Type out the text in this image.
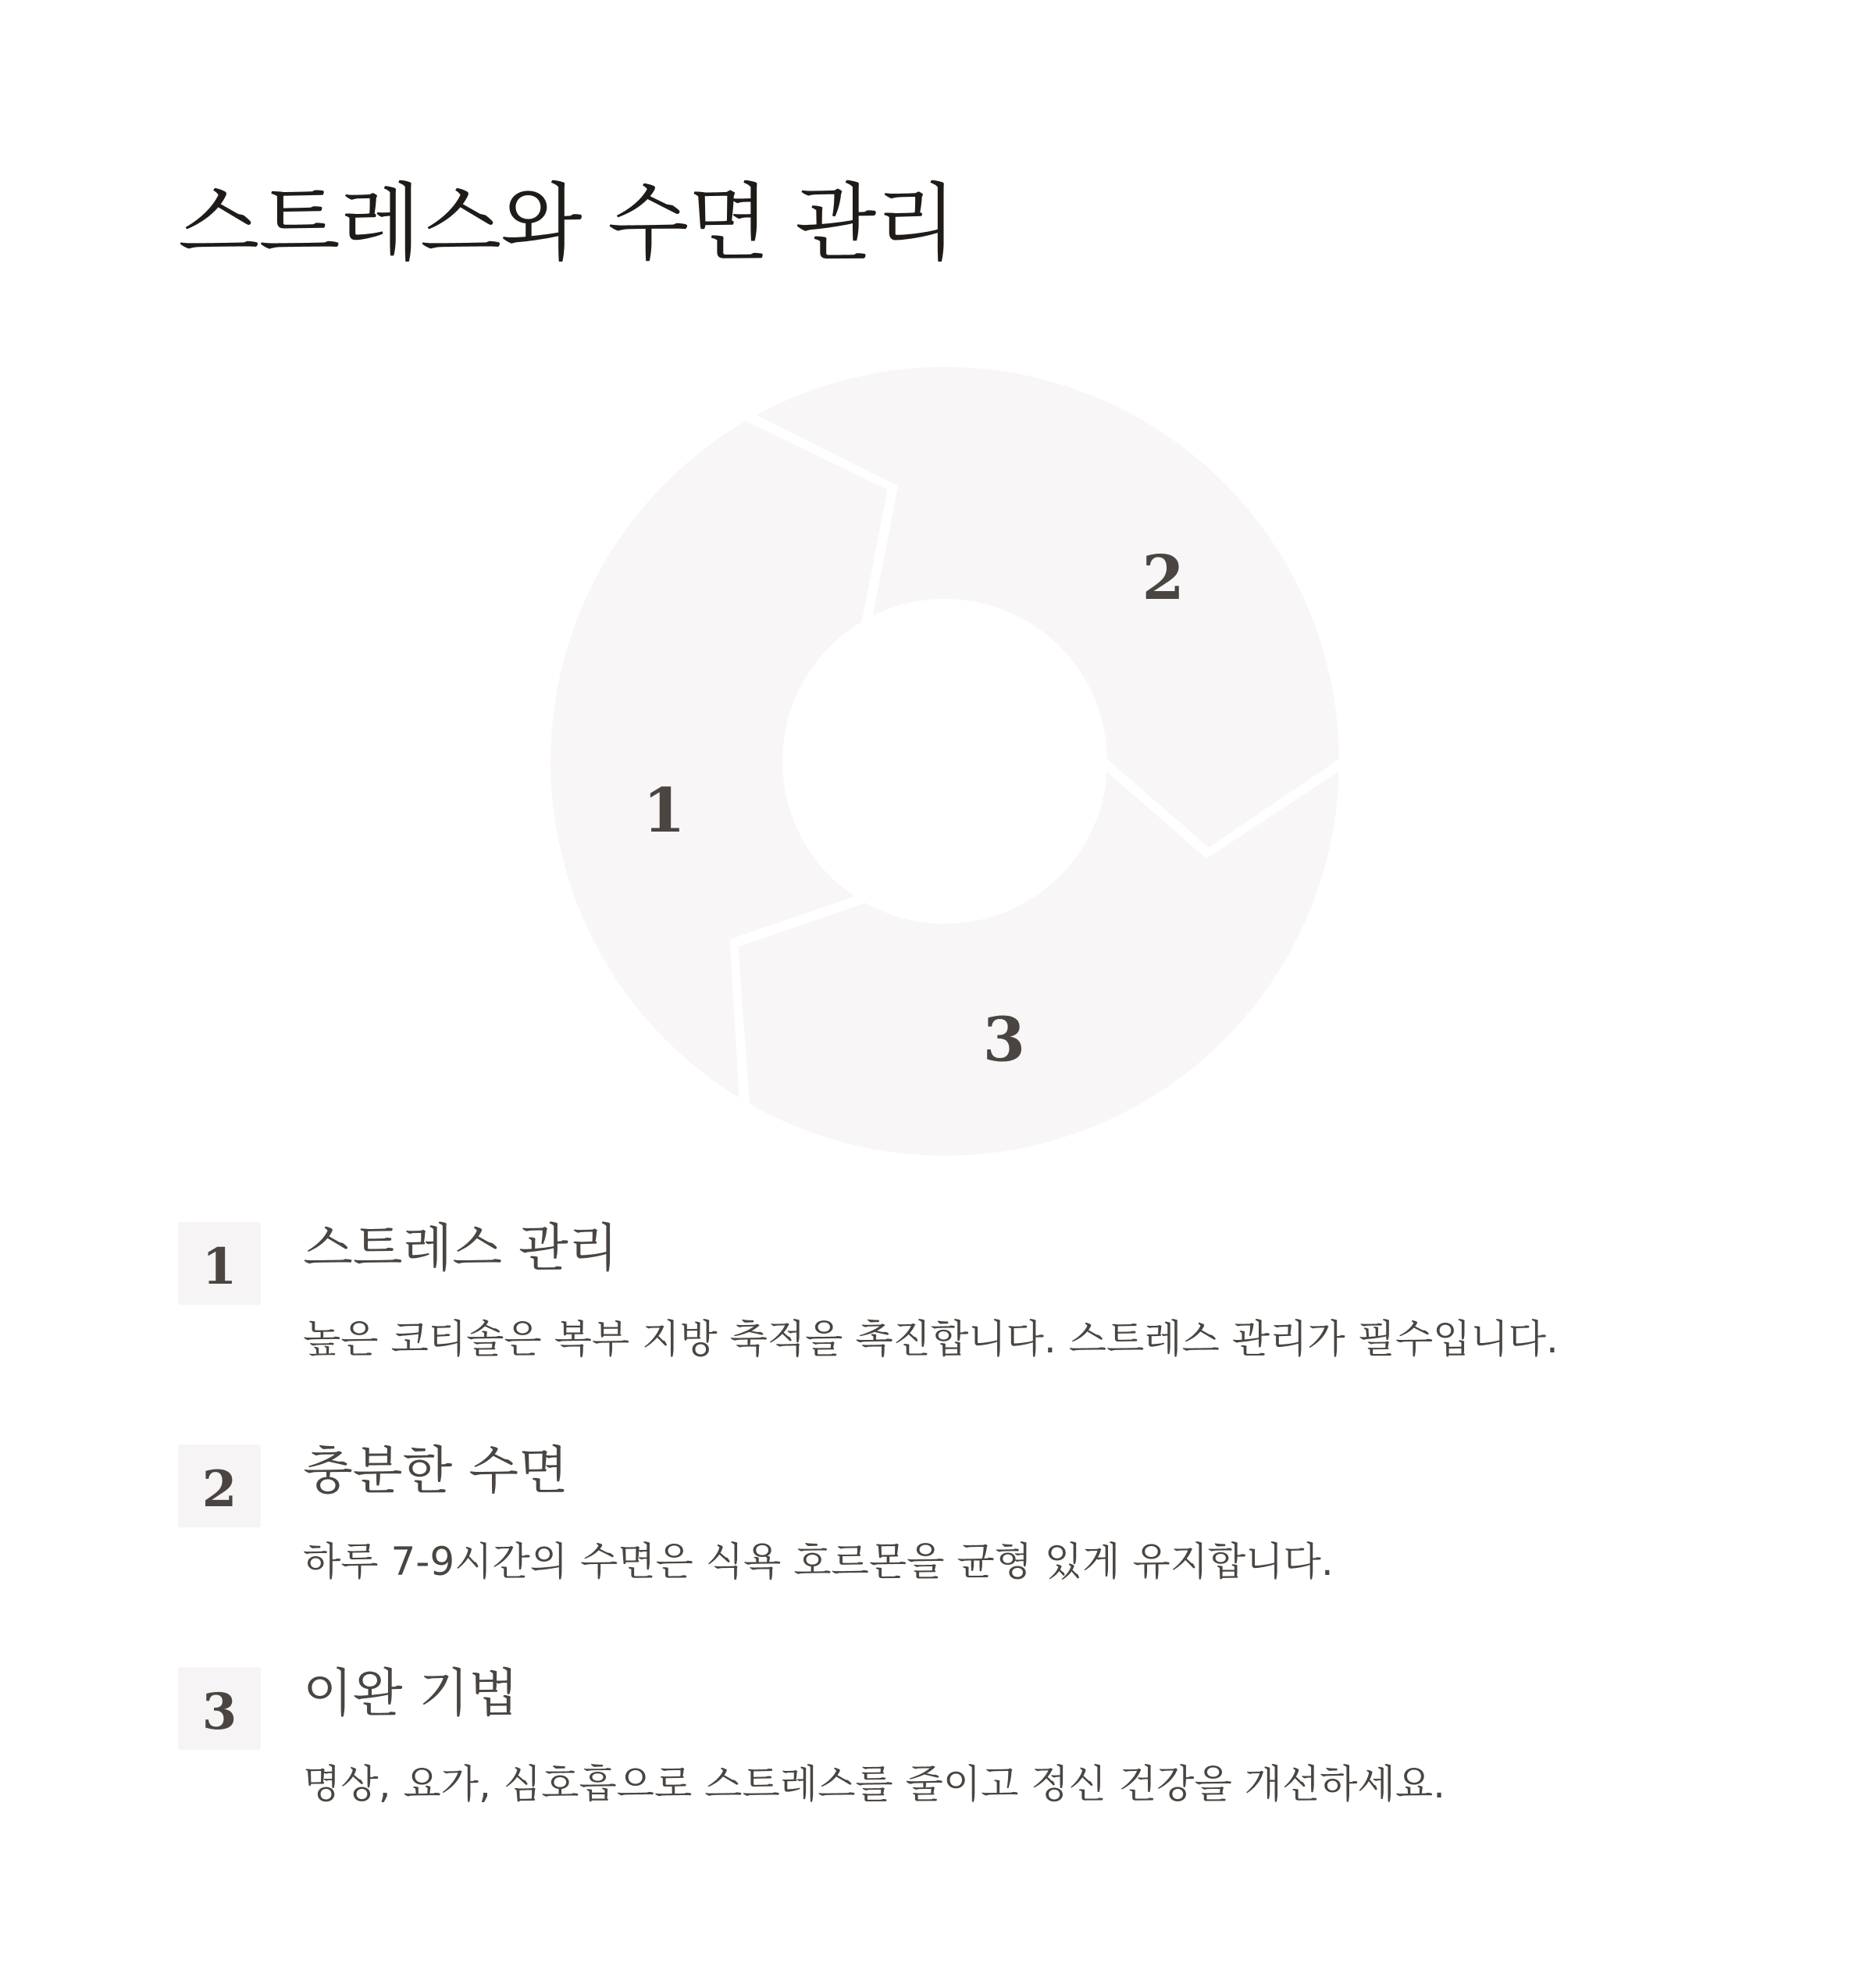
스트레스와 수면 관리
1
2
3
1 스트레스 관리
높은 코티솔은 복부 지방 축적을 촉진합니다. 스트레스 관리가 필수입니다.
2 충분한 수면
하루 7-9시간의 수면은 식욕 호르몬을 균형 있게 유지합니다.
3 이완 기법
명상, 요가, 심호흡으로 스트레스를 줄이고 정신 건강을 개선하세요.
